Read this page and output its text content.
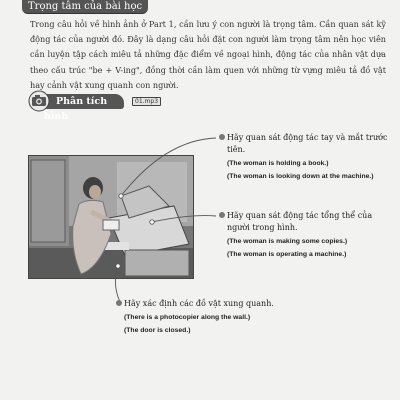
Trọng tâm của bài học
Trong câu hỏi về hình ảnh ở Part 1, cần lưu ý con người là trọng tâm. Cần quan sát kỹ động tác của người đó. Đây là dạng câu hỏi đặt con người làm trọng tâm nên học viên cần luyện tập cách miêu tả những đặc điểm về ngoại hình, động tác của nhân vật dựa theo cấu trúc "be + V-ing", đồng thời cần làm quen với những từ vựng miêu tả đồ vật hay cảnh vật xung quanh con người.
Phân tích hình
01.mp3
Hãy quan sát động tác tay và mắt trước tiên.
(The woman is holding a book.)
(The woman is looking down at the machine.)
Hãy quan sát động tác tổng thể của người trong hình.
(The woman is making some copies.)
(The woman is operating a machine.)
Hãy xác định các đồ vật xung quanh.
(There is a photocopier along the wall.)
(The door is closed.)
